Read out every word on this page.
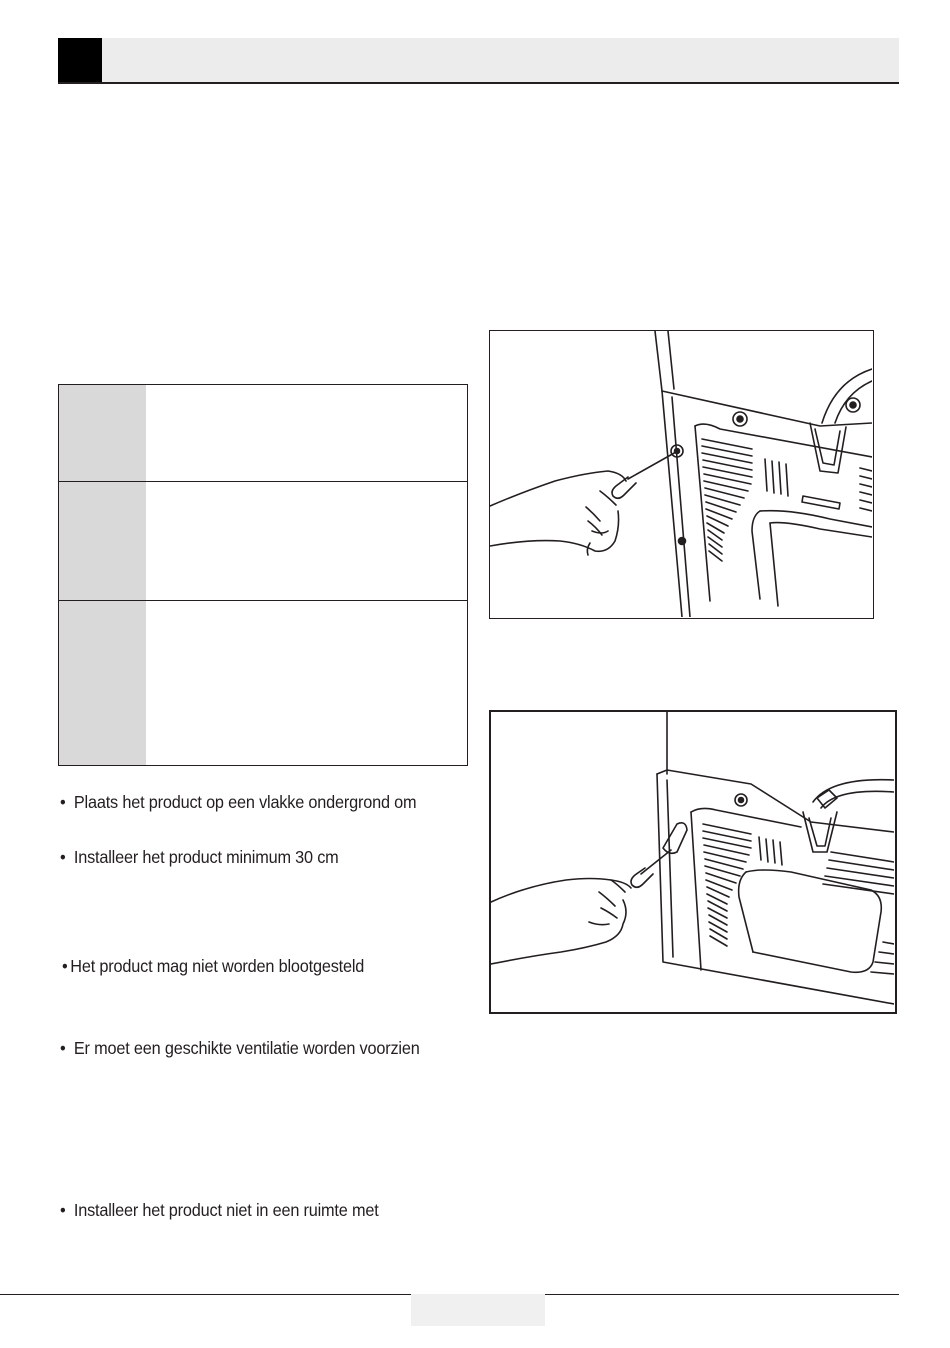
• Plaats het product op een vlakke ondergrond om
• Installeer het product minimum 30 cm
• Het product mag niet worden blootgesteld
• Er moet een geschikte ventilatie worden voorzien
• Installeer het product niet in een ruimte met
